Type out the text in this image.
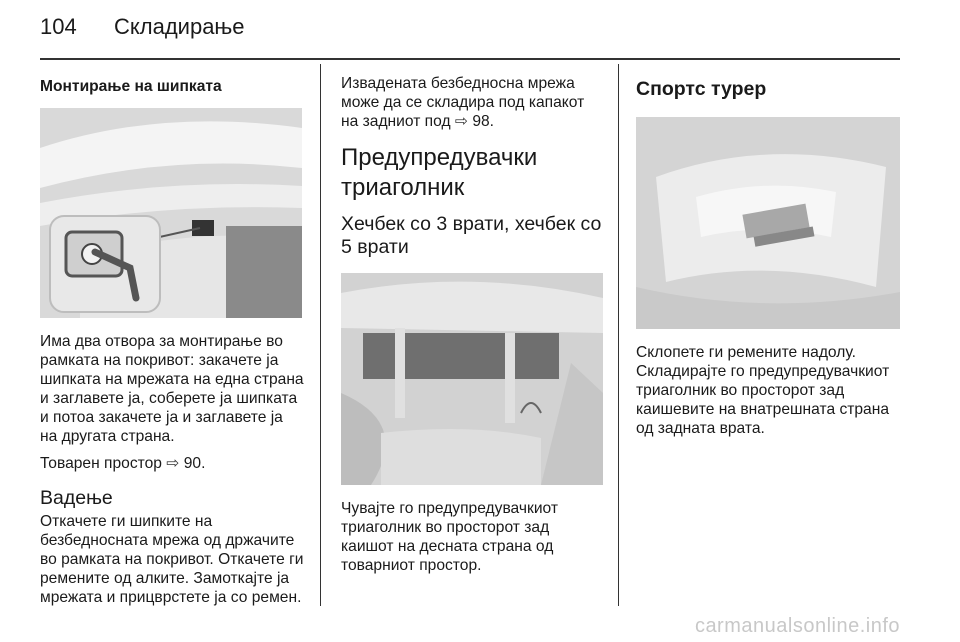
104 Складирање
Монтирање на шипката

Има два отвора за монтирање во рамката на покривот: закачете ја шипката на мрежата на една страна и заглавете ја, соберете ја шипката и потоа закачете ја и заглавете ја на другата страна.

Товарен простор ⇨ 90.

Вадење

Откачете ги шипките на безбедносната мрежа од држачите во рамката на покривот. Откачете ги ремените од алките. Замоткајте ја мрежата и прицврстете ја со ремен.

Извадената безбедносна мрежа може да се складира под капакот на задниот под ⇨ 98.

Предупредувачки триаголник
Хечбек со 3 врати, хечбек со 5 врати

Чувајте го предупредувачкиот триаголник во просторот зад каишот на десната страна од товарниот простор.

Спортс турер

Склопете ги ремените надолу. Складирајте го предупредувачкиот триаголник во просторот зад каишевите на внатрешната страна од задната врата.

carmanualsonline.info
